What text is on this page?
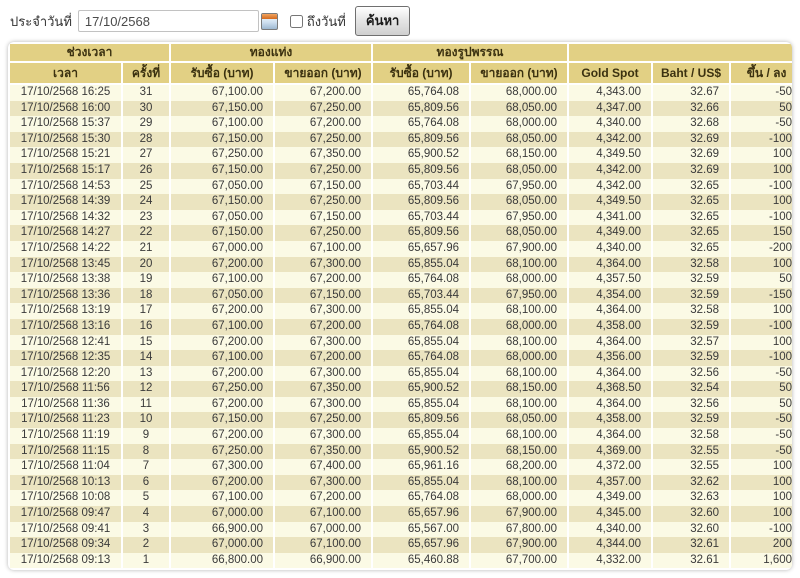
ประจำวันที่
17/10/2568	ถึงวันที่	ค้นหา
ช่วงเวลา		ทองแท่ง		ทองรูปพรรณ				
เวลา	ครั้งที่	รับซื้อ (บาท)	ขายออก (บาท)	รับซื้อ (บาท)	ขายออก (บาท)	Gold Spot	Baht / US$	ขึ้น / ลง
17/10/2568 16:25	31	67,100.00	67,200.00	65,764.08	68,000.00	4,343.00	32.67	-50
17/10/2568 16:00	30	67,150.00	67,250.00	65,809.56	68,050.00	4,347.00	32.66	50
17/10/2568 15:37	29	67,100.00	67,200.00	65,764.08	68,000.00	4,340.00	32.68	-50
17/10/2568 15:30	28	67,150.00	67,250.00	65,809.56	68,050.00	4,342.00	32.69	-100
17/10/2568 15:21	27	67,250.00	67,350.00	65,900.52	68,150.00	4,349.50	32.69	100
17/10/2568 15:17	26	67,150.00	67,250.00	65,809.56	68,050.00	4,342.00	32.69	100
17/10/2568 14:53	25	67,050.00	67,150.00	65,703.44	67,950.00	4,342.00	32.65	-100
17/10/2568 14:39	24	67,150.00	67,250.00	65,809.56	68,050.00	4,349.50	32.65	100
17/10/2568 14:32	23	67,050.00	67,150.00	65,703.44	67,950.00	4,341.00	32.65	-100
17/10/2568 14:27	22	67,150.00	67,250.00	65,809.56	68,050.00	4,349.00	32.65	150
17/10/2568 14:22	21	67,000.00	67,100.00	65,657.96	67,900.00	4,340.00	32.65	-200
17/10/2568 13:45	20	67,200.00	67,300.00	65,855.04	68,100.00	4,364.00	32.58	100
17/10/2568 13:38	19	67,100.00	67,200.00	65,764.08	68,000.00	4,357.50	32.59	50
17/10/2568 13:36	18	67,050.00	67,150.00	65,703.44	67,950.00	4,354.00	32.59	-150
17/10/2568 13:19	17	67,200.00	67,300.00	65,855.04	68,100.00	4,364.00	32.58	100
17/10/2568 13:16	16	67,100.00	67,200.00	65,764.08	68,000.00	4,358.00	32.59	-100
17/10/2568 12:41	15	67,200.00	67,300.00	65,855.04	68,100.00	4,364.00	32.57	100
17/10/2568 12:35	14	67,100.00	67,200.00	65,764.08	68,000.00	4,356.00	32.59	-100
17/10/2568 12:20	13	67,200.00	67,300.00	65,855.04	68,100.00	4,364.00	32.56	-50
17/10/2568 11:56	12	67,250.00	67,350.00	65,900.52	68,150.00	4,368.50	32.54	50
17/10/2568 11:36	11	67,200.00	67,300.00	65,855.04	68,100.00	4,364.00	32.56	50
17/10/2568 11:23	10	67,150.00	67,250.00	65,809.56	68,050.00	4,358.00	32.59	-50
17/10/2568 11:19	9	67,200.00	67,300.00	65,855.04	68,100.00	4,364.00	32.58	-50
17/10/2568 11:15	8	67,250.00	67,350.00	65,900.52	68,150.00	4,369.00	32.55	-50
17/10/2568 11:04	7	67,300.00	67,400.00	65,961.16	68,200.00	4,372.00	32.55	100
17/10/2568 10:13	6	67,200.00	67,300.00	65,855.04	68,100.00	4,357.00	32.62	100
17/10/2568 10:08	5	67,100.00	67,200.00	65,764.08	68,000.00	4,349.00	32.63	100
17/10/2568 09:47	4	67,000.00	67,100.00	65,657.96	67,900.00	4,345.00	32.60	100
17/10/2568 09:41	3	66,900.00	67,000.00	65,567.00	67,800.00	4,340.00	32.60	-100
17/10/2568 09:34	2	67,000.00	67,100.00	65,657.96	67,900.00	4,344.00	32.61	200
17/10/2568 09:13	1	66,800.00	66,900.00	65,460.88	67,700.00	4,332.00	32.61	1,600
